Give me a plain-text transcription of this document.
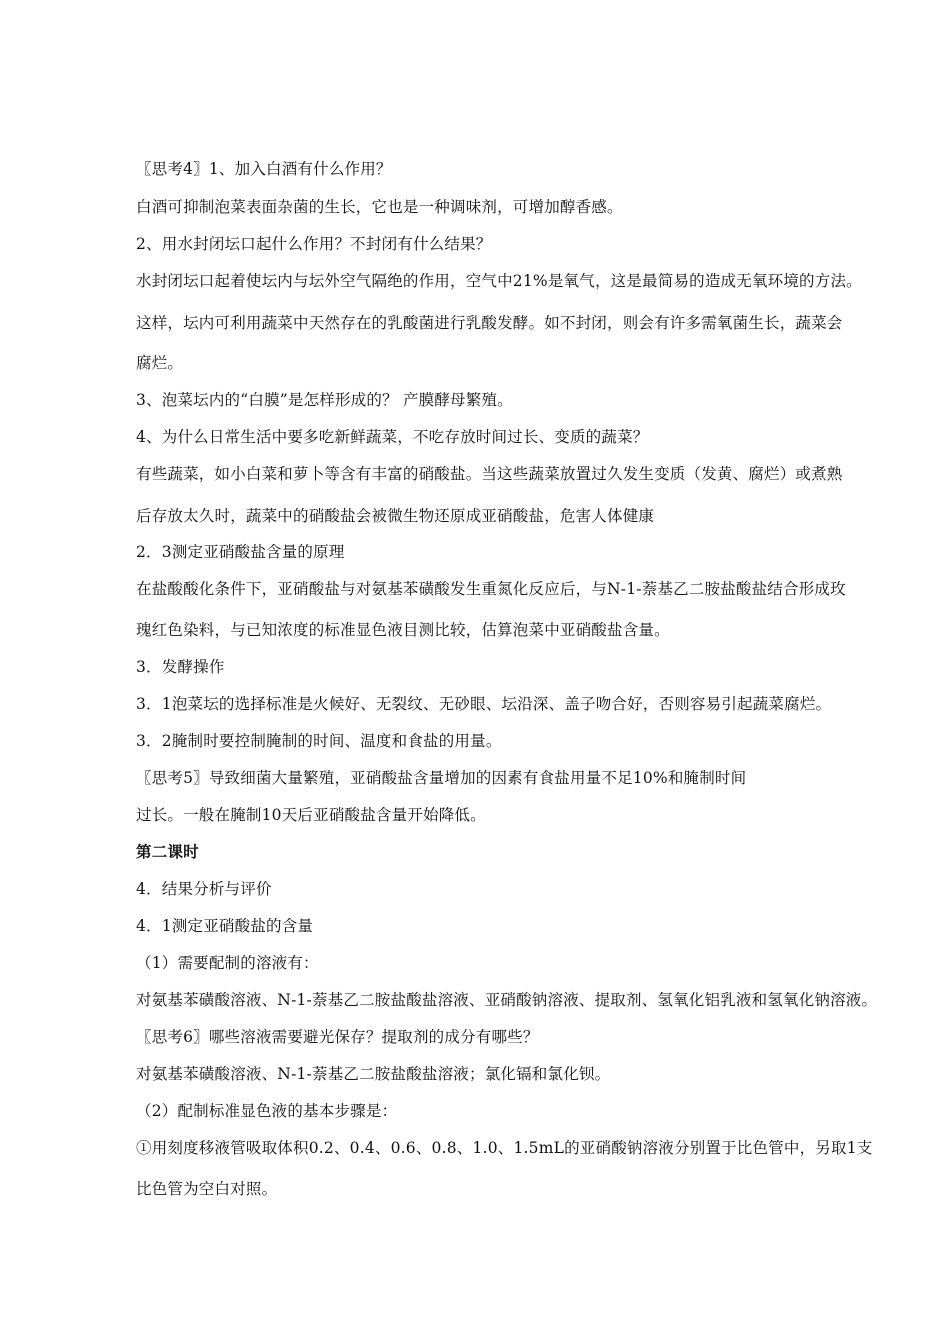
〖思考4〗1、加入白酒有什么作用？
白酒可抑制泡菜表面杂菌的生长，它也是一种调味剂，可增加醇香感。
2、用水封闭坛口起什么作用？不封闭有什么结果？
水封闭坛口起着使坛内与坛外空气隔绝的作用，空气中21%是氧气，这是最简易的造成无氧环境的方法。
这样，坛内可利用蔬菜中天然存在的乳酸菌进行乳酸发酵。如不封闭，则会有许多需氧菌生长，蔬菜会
腐烂。
3、泡菜坛内的“白膜”是怎样形成的？ 产膜酵母繁殖。
4、为什么日常生活中要多吃新鲜蔬菜，不吃存放时间过长、变质的蔬菜？
有些蔬菜，如小白菜和萝卜等含有丰富的硝酸盐。当这些蔬菜放置过久发生变质（发黄、腐烂）或煮熟
后存放太久时，蔬菜中的硝酸盐会被微生物还原成亚硝酸盐，危害人体健康
2．3测定亚硝酸盐含量的原理
在盐酸酸化条件下，亚硝酸盐与对氨基苯磺酸发生重氮化反应后，与N-1-萘基乙二胺盐酸盐结合形成玫
瑰红色染料，与已知浓度的标准显色液目测比较，估算泡菜中亚硝酸盐含量。
3．发酵操作
3．1泡菜坛的选择标准是火候好、无裂纹、无砂眼、坛沿深、盖子吻合好，否则容易引起蔬菜腐烂。
3．2腌制时要控制腌制的时间、温度和食盐的用量。
〖思考5〗导致细菌大量繁殖，亚硝酸盐含量增加的因素有食盐用量不足10%和腌制时间
过长。一般在腌制10天后亚硝酸盐含量开始降低。
第二课时
4．结果分析与评价
4．1测定亚硝酸盐的含量
（1）需要配制的溶液有：
对氨基苯磺酸溶液、N-1-萘基乙二胺盐酸盐溶液、亚硝酸钠溶液、提取剂、氢氧化铝乳液和氢氧化钠溶液。
〖思考6〗哪些溶液需要避光保存？提取剂的成分有哪些？
对氨基苯磺酸溶液、N-1-萘基乙二胺盐酸盐溶液；氯化镉和氯化钡。
（2）配制标准显色液的基本步骤是：
①用刻度移液管吸取体积0.2、0.4、0.6、0.8、1.0、1.5mL的亚硝酸钠溶液分别置于比色管中，另取1支
比色管为空白对照。
